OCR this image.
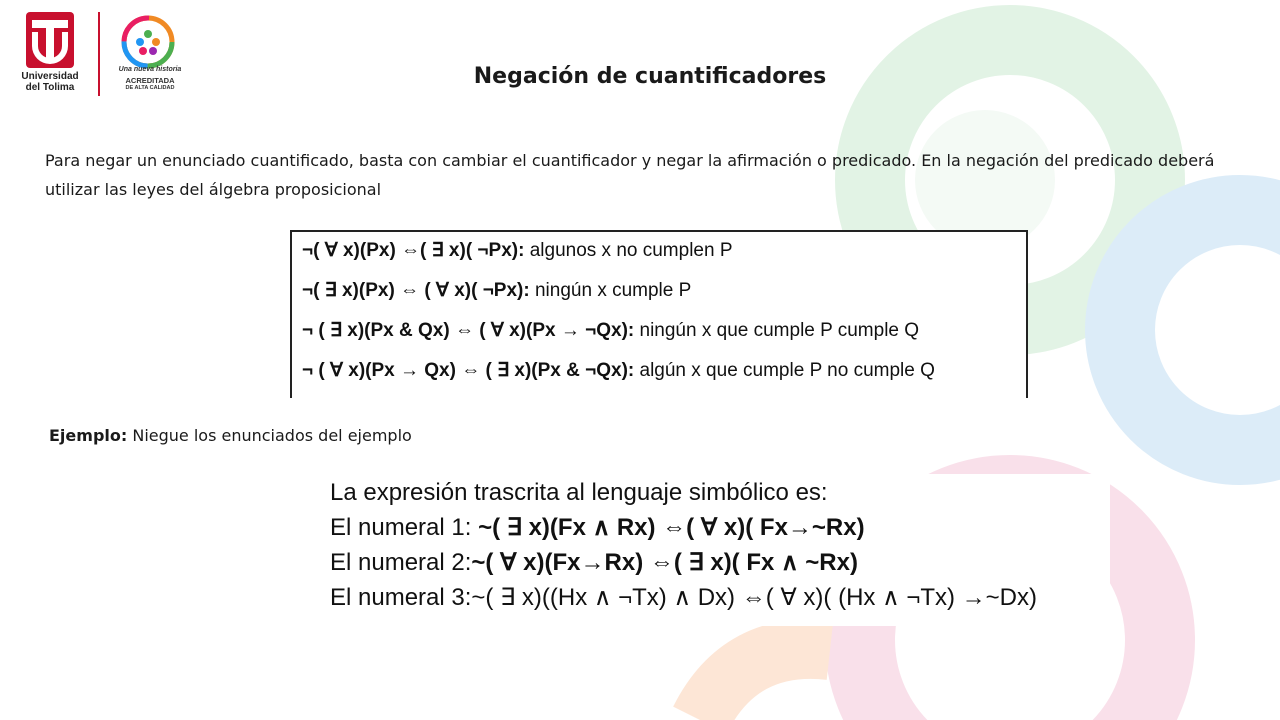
Universidad
del Tolima
Una nueva historia
ACREDITADA
DE ALTA CALIDAD	Negación de cuantificadores
Para negar un enunciado cuantificado, basta con cambiar el cuantificador y negar la afirmación o predicado. En la negación del predicado deberá utilizar las leyes del álgebra proposicional
¬( ∀ x)(Px) ⇔( ∃ x)( ¬Px): algunos x no cumplen P
¬( ∃ x)(Px) ⇔ ( ∀ x)( ¬Px): ningún x cumple P
¬ ( ∃ x)(Px & Qx) ⇔ ( ∀ x)(Px → ¬Qx): ningún x que cumple P cumple Q
¬ ( ∀ x)(Px → Qx) ⇔ ( ∃ x)(Px & ¬Qx): algún x que cumple P no cumple Q
Ejemplo: Niegue los enunciados del ejemplo
La expresión trascrita al lenguaje simbólico es:
El numeral 1: ~( ∃ x)(Fx ∧ Rx) ⇔( ∀ x)( Fx→~Rx)
El numeral 2:~( ∀ x)(Fx→Rx) ⇔( ∃ x)( Fx ∧ ~Rx)
El numeral 3:~( ∃ x)((Hx ∧ ¬Tx) ∧ Dx) ⇔( ∀ x)( (Hx ∧ ¬Tx) →~Dx)
